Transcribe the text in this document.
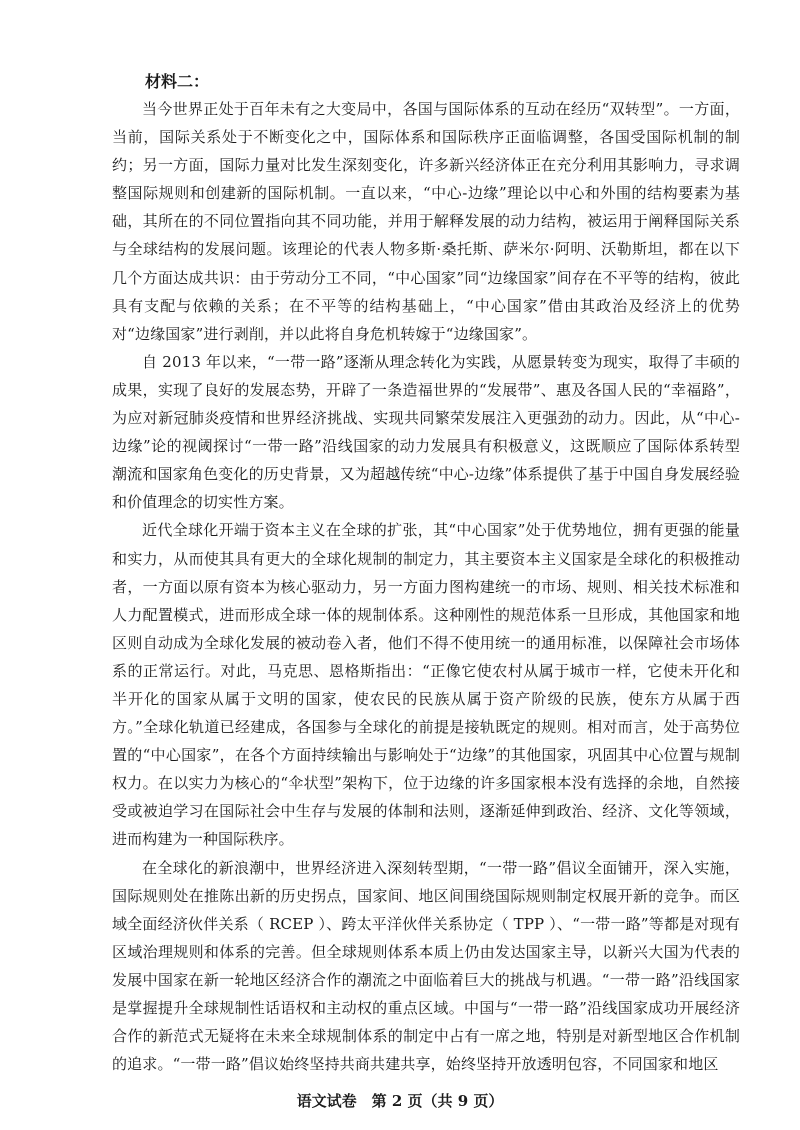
材料二：

当今世界正处于百年未有之大变局中，各国与国际体系的互动在经历“双转型”。一方面，当前，国际关系处于不断变化之中，国际体系和国际秩序正面临调整，各国受国际机制的制约；另一方面，国际力量对比发生深刻变化，许多新兴经济体正在充分利用其影响力，寻求调整国际规则和创建新的国际机制。一直以来，“中心-边缘”理论以中心和外围的结构要素为基础，其所在的不同位置指向其不同功能，并用于解释发展的动力结构，被运用于阐释国际关系与全球结构的发展问题。该理论的代表人物多斯·桑托斯、萨米尔·阿明、沃勒斯坦，都在以下几个方面达成共识：由于劳动分工不同，“中心国家”同“边缘国家”间存在不平等的结构，彼此具有支配与依赖的关系；在不平等的结构基础上，“中心国家”借由其政治及经济上的优势对“边缘国家”进行剥削，并以此将自身危机转嫁于“边缘国家”。

自 2013 年以来，“一带一路”逐渐从理念转化为实践，从愿景转变为现实，取得了丰硕的成果，实现了良好的发展态势，开辟了一条造福世界的“发展带”、惠及各国人民的“幸福路”，为应对新冠肺炎疫情和世界经济挑战、实现共同繁荣发展注入更强劲的动力。因此，从“中心-边缘”论的视阈探讨“一带一路”沿线国家的动力发展具有积极意义，这既顺应了国际体系转型潮流和国家角色变化的历史背景，又为超越传统“中心-边缘”体系提供了基于中国自身发展经验和价值理念的切实性方案。

近代全球化开端于资本主义在全球的扩张，其“中心国家”处于优势地位，拥有更强的能量和实力，从而使其具有更大的全球化规制的制定力，其主要资本主义国家是全球化的积极推动者，一方面以原有资本为核心驱动力，另一方面力图构建统一的市场、规则、相关技术标准和人力配置模式，进而形成全球一体的规制体系。这种刚性的规范体系一旦形成，其他国家和地区则自动成为全球化发展的被动卷入者，他们不得不使用统一的通用标准，以保障社会市场体系的正常运行。对此，马克思、恩格斯指出：“正像它使农村从属于城市一样，它使未开化和半开化的国家从属于文明的国家，使农民的民族从属于资产阶级的民族，使东方从属于西方。”全球化轨道已经建成，各国参与全球化的前提是接轨既定的规则。相对而言，处于高势位置的“中心国家”，在各个方面持续输出与影响处于“边缘”的其他国家，巩固其中心位置与规制权力。在以实力为核心的“伞状型”架构下，位于边缘的许多国家根本没有选择的余地，自然接受或被迫学习在国际社会中生存与发展的体制和法则，逐渐延伸到政治、经济、文化等领域，进而构建为一种国际秩序。

在全球化的新浪潮中，世界经济进入深刻转型期，“一带一路”倡议全面铺开，深入实施，国际规则处在推陈出新的历史拐点，国家间、地区间围绕国际规则制定权展开新的竞争。而区域全面经济伙伴关系（ RCEP ）、跨太平洋伙伴关系协定（ TPP ）、“一带一路”等都是对现有区域治理规则和体系的完善。但全球规则体系本质上仍由发达国家主导，以新兴大国为代表的发展中国家在新一轮地区经济合作的潮流之中面临着巨大的挑战与机遇。“一带一路”沿线国家是掌握提升全球规制性话语权和主动权的重点区域。中国与“一带一路”沿线国家成功开展经济合作的新范式无疑将在未来全球规制体系的制定中占有一席之地，特别是对新型地区合作机制的追求。“一带一路”倡议始终坚持共商共建共享，始终坚持开放透明包容，不同国家和地区

语文试卷　第 2 页（共 9 页）
